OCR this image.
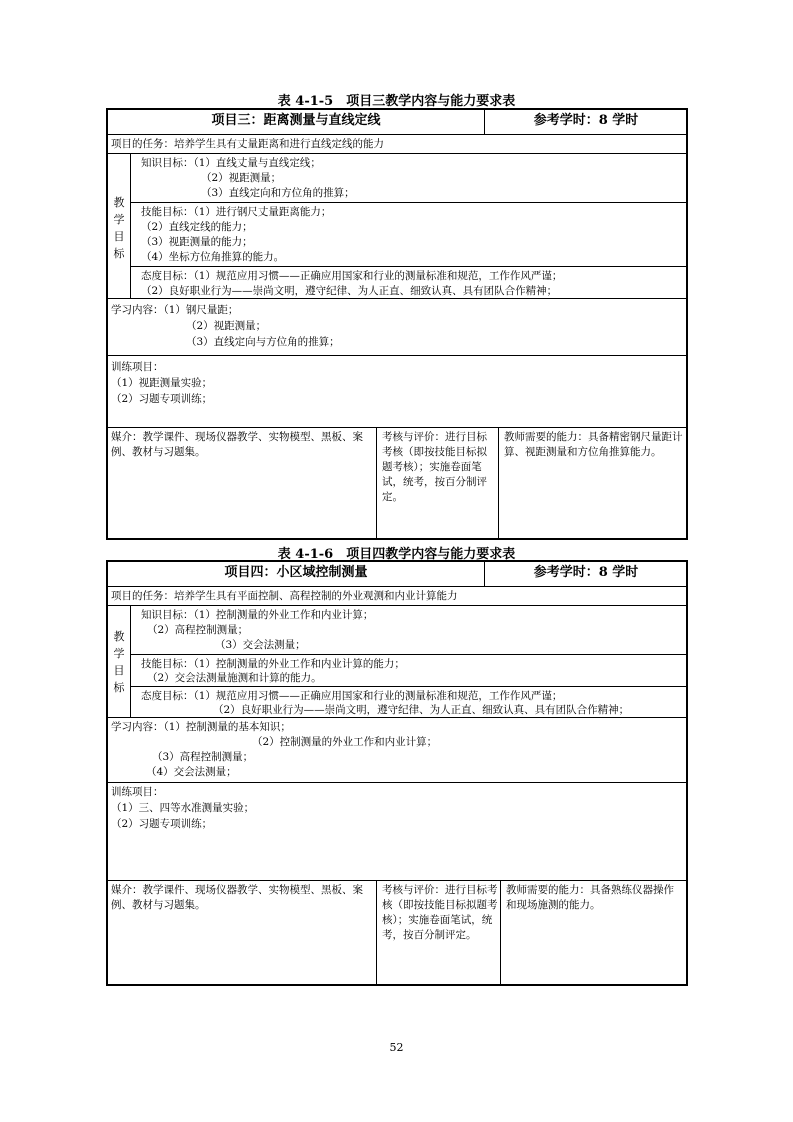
表 4-1-5　项目三教学内容与能力要求表
项目三：距离测量与直线定线	参考学时：8 学时
项目的任务：培养学生具有丈量距离和进行直线定线的能力
教
学
目
标
知识目标：（1）直线丈量与直线定线；
（2）视距测量；
（3）直线定向和方位角的推算；
技能目标：（1）进行钢尺丈量距离能力；
（2）直线定线的能力；
（3）视距测量的能力；
（4）坐标方位角推算的能力。
态度目标：（1）规范应用习惯——正确应用国家和行业的测量标准和规范，工作作风严谨；
（2）良好职业行为——崇尚文明，遵守纪律、为人正直、细致认真、具有团队合作精神；
学习内容：（1）钢尺量距；
（2）视距测量；
（3）直线定向与方位角的推算；
训练项目：
（1）视距测量实验；
（2）习题专项训练；
媒介：教学课件、现场仪器教学、实物模型、黑板、案例、教材与习题集。
考核与评价：进行目标考核（即按技能目标拟题考核）；实施卷面笔试，统考，按百分制评定。
教师需要的能力：具备精密钢尺量距计算、视距测量和方位角推算能力。
表 4-1-6　项目四教学内容与能力要求表
项目四：小区域控制测量	参考学时：8 学时
项目的任务：培养学生具有平面控制、高程控制的外业观测和内业计算能力
教
学
目
标
知识目标：（1）控制测量的外业工作和内业计算；
（2）高程控制测量；
（3）交会法测量；
技能目标：（1）控制测量的外业工作和内业计算的能力；
（2）交会法测量施测和计算的能力。
态度目标：（1）规范应用习惯——正确应用国家和行业的测量标准和规范，工作作风严谨；
（2）良好职业行为——崇尚文明，遵守纪律、为人正直、细致认真、具有团队合作精神；
学习内容：（1）控制测量的基本知识；
（2）控制测量的外业工作和内业计算；
（3）高程控制测量；
（4）交会法测量；
训练项目：
（1）三、四等水准测量实验；
（2）习题专项训练；
媒介：教学课件、现场仪器教学、实物模型、黑板、案例、教材与习题集。
考核与评价：进行目标考核（即按技能目标拟题考核）；实施卷面笔试，统考，按百分制评定。
教师需要的能力：具备熟练仪器操作和现场施测的能力。
52
